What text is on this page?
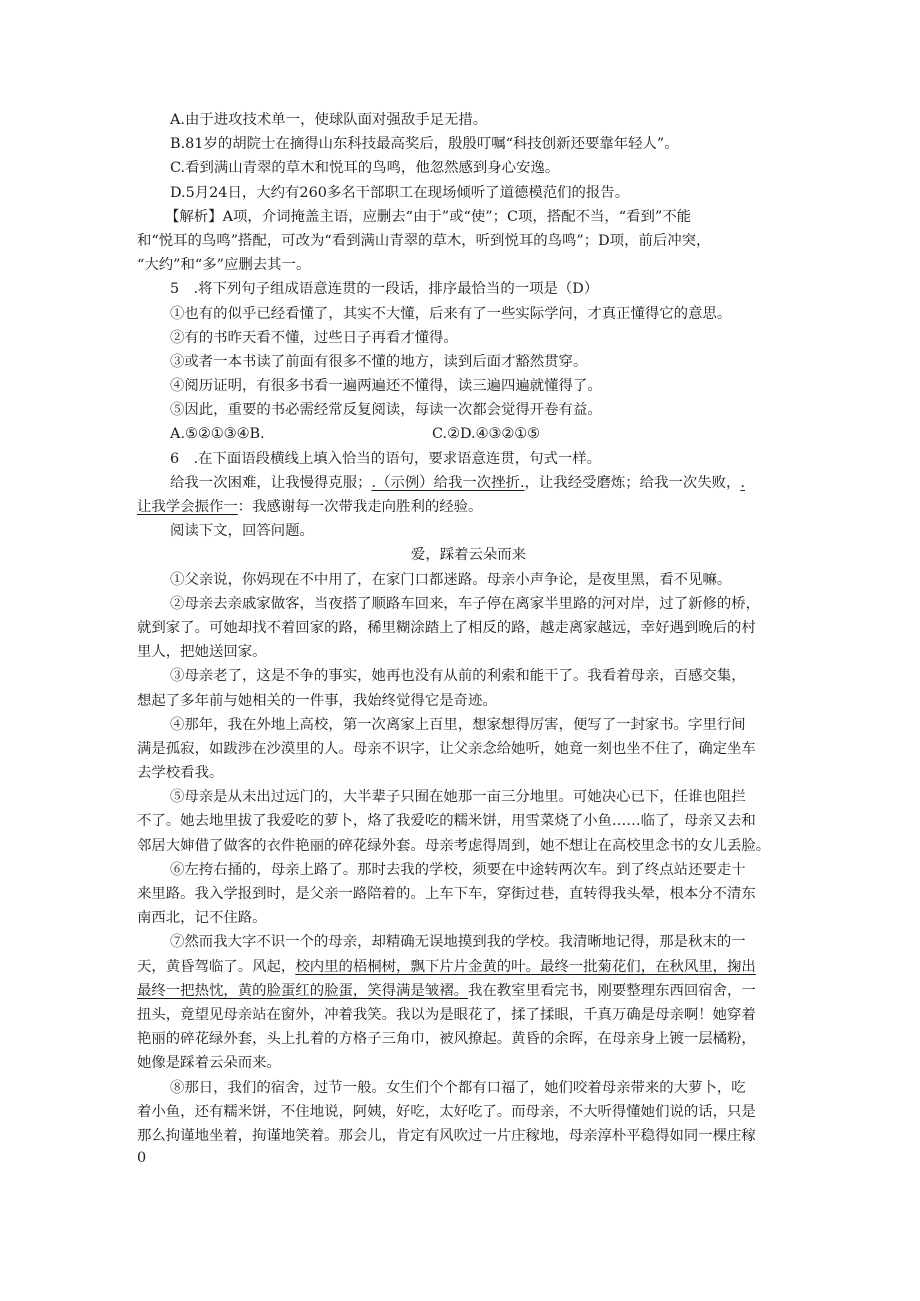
A.由于进攻技术单一，使球队面对强敌手足无措。
B.81岁的胡院士在摘得山东科技最高奖后，殷殷叮嘱“科技创新还要靠年轻人”。
C.看到满山青翠的草木和悦耳的鸟鸣，他忽然感到身心安逸。
D.5月24日，大约有260多名干部职工在现场倾听了道德模范们的报告。
【解析】A项，介词掩盖主语，应删去“由于”或“使”；C项，搭配不当，“看到”不能
和“悦耳的鸟鸣”搭配，可改为“看到满山青翠的草木，听到悦耳的鸟鸣”；D项，前后冲突，
“大约”和“多”应删去其一。
5　.将下列句子组成语意连贯的一段话，排序最恰当的一项是（D）
①也有的似乎已经看懂了，其实不大懂，后来有了一些实际学问，才真正懂得它的意思。
②有的书昨天看不懂，过些日子再看才懂得。
③或者一本书读了前面有很多不懂的地方，读到后面才豁然贯穿。
④阅历证明，有很多书看一遍两遍还不懂得，读三遍四遍就懂得了。
⑤因此，重要的书必需经常反复阅读，每读一次都会觉得开卷有益。
A.⑤②①③④B.	C.②D.④③②①⑤
6　.在下面语段横线上填入恰当的语句，要求语意连贯，句式一样。
给我一次困难，让我慢得克服；.（示例）给我一次挫折.，让我经受磨炼；给我一次失败，.
让我学会振作一：我感谢每一次带我走向胜利的经验。
阅读下文，回答问题。
爱，踩着云朵而来
①父亲说，你妈现在不中用了，在家门口都迷路。母亲小声争论，是夜里黑，看不见嘛。
②母亲去亲戚家做客，当夜搭了顺路车回来，车子停在离家半里路的河对岸，过了新修的桥，
就到家了。可她却找不着回家的路，稀里糊涂踏上了相反的路，越走离家越远，幸好遇到晚后的村
里人，把她送回家。
③母亲老了，这是不争的事实，她再也没有从前的利索和能干了。我看着母亲，百感交集，
想起了多年前与她相关的一件事，我始终觉得它是奇迹。
④那年，我在外地上高校，第一次离家上百里，想家想得厉害，便写了一封家书。字里行间
满是孤寂，如跋涉在沙漠里的人。母亲不识字，让父亲念给她听，她竟一刻也坐不住了，确定坐车
去学校看我。
⑤母亲是从未出过远门的，大半辈子只囿在她那一亩三分地里。可她决心已下，任谁也阻拦
不了。她去地里拔了我爱吃的萝卜，烙了我爱吃的糯米饼，用雪菜烧了小鱼……临了，母亲又去和
邻居大婶借了做客的衣件艳丽的碎花绿外套。母亲考虑得周到，她不想让在高校里念书的女儿丢脸。
⑥左挎右捅的，母亲上路了。那时去我的学校，须要在中途转两次车。到了终点站还要走十
来里路。我入学报到时，是父亲一路陪着的。上车下车，穿街过巷，直转得我头晕，根本分不清东
南西北，记不住路。
⑦然而我大字不识一个的母亲，却精确无误地摸到我的学校。我清晰地记得，那是秋末的一
天，黄昏驾临了。风起，校内里的梧桐树，飘下片片金黄的叶。最终一批菊花们，在秋风里，掬出
最终一把热忱，黄的脸蛋红的脸蛋，笑得满是皱褶。我在教室里看完书，刚要整理东西回宿舍，一
扭头，竟望见母亲站在窗外，冲着我笑。我以为是眼花了，揉了揉眼，千真万确是母亲啊！她穿着
艳丽的碎花绿外套，头上扎着的方格子三角巾，被风撩起。黄昏的余晖，在母亲身上镀一层橘粉，
她像是踩着云朵而来。
⑧那日，我们的宿舍，过节一般。女生们个个都有口福了，她们咬着母亲带来的大萝卜，吃
着小鱼，还有糯米饼，不住地说，阿姨，好吃，太好吃了。而母亲，不大听得懂她们说的话，只是
那么拘谨地坐着，拘谨地笑着。那会儿，肯定有风吹过一片庄稼地，母亲淳朴平稳得如同一棵庄稼
0
